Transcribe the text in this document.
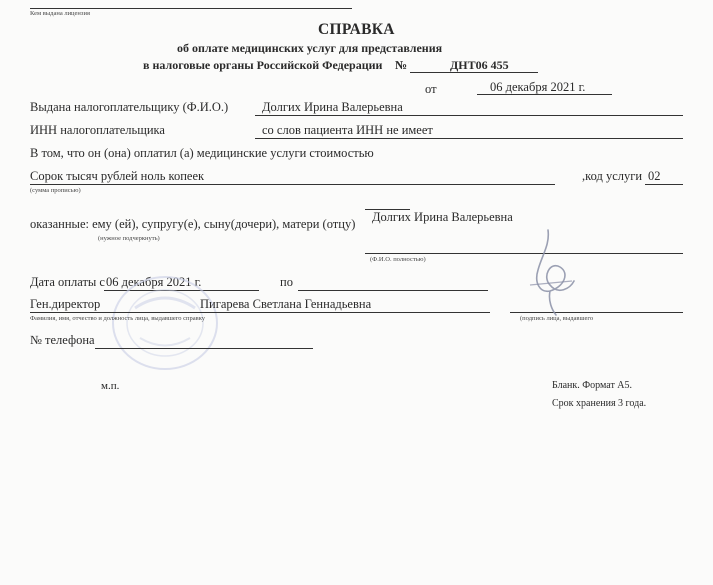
Кем выдана лицензия
СПРАВКА
об оплате медицинских услуг для представления
в налоговые органы Российской Федерации №	ДНТ06 455
от	06 декабря 2021 г.
Выдана налогоплательщику (Ф.И.О.)	Долгих Ирина Валерьевна
ИНН налогоплательщика	со слов пациента ИНН не имеет
В том, что он (она) оплатил (а) медицинские услуги стоимостью
Сорок тысяч рублей ноль копеек
(сумма прописью)
,код услуги 02
Долгих Ирина Валерьевна
оказанные: ему (ей), супругу(е), сыну(дочери), матери (отцу)
(нужное подчеркнуть)
(Ф.И.О. полностью)
Дата оплаты с 06 декабря 2021 г.	по
Ген.директор	Пигарева Светлана Геннадьевна
Фамилия, имя, отчество и должность лица, выдавшего справку	(подпись лица, выдавшего
№ телефона
м.п.	Бланк. Формат А5.
Срок хранения 3 года.
